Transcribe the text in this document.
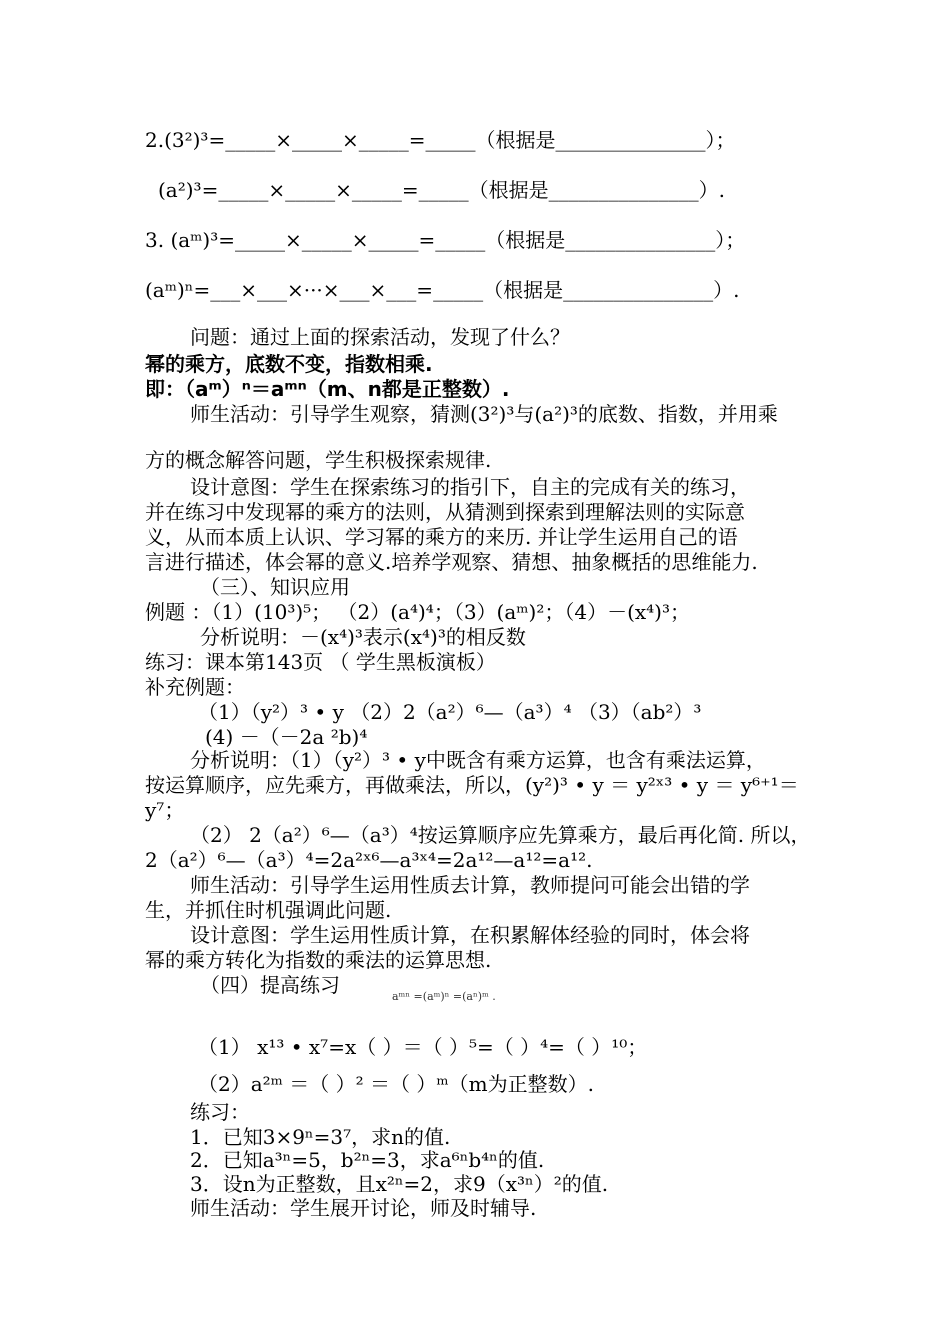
2.(3²)³=_____×_____×_____=_____（根据是_______________）；
(a²)³=_____×_____×_____=_____（根据是_______________）.
3. (aᵐ)³=_____×_____×_____=_____（根据是_______________）；
(aᵐ)ⁿ=___×___×···×___×___=_____（根据是_______________）.
问题：通过上面的探索活动，发现了什么？
幂的乘方，底数不变，指数相乘.
即：（aᵐ）ⁿ＝aᵐⁿ（m、n都是正整数）.
师生活动：引导学生观察，猜测(3²)³与(a²)³的底数、指数，并用乘
方的概念解答问题，学生积极探索规律.
设计意图：学生在探索练习的指引下，自主的完成有关的练习，
并在练习中发现幂的乘方的法则，从猜测到探索到理解法则的实际意
义，从而本质上认识、学习幂的乘方的来历. 并让学生运用自己的语
言进行描述，体会幂的意义.培养学观察、猜想、抽象概括的思维能力.
（三）、知识应用
例题 ：（1）(10³)⁵； （2）(a⁴)⁴；（3）(aᵐ)²；（4）－(x⁴)³；
分析说明：－(x⁴)³表示(x⁴)³的相反数
练习：课本第143页 （ 学生黑板演板）
补充例题：
（1）（y²）³ • y （2）2（a²）⁶—（a³）⁴ （3）（ab²）³
(4) －（－2a ²b)⁴
分析说明：（1）（y²）³ • y中既含有乘方运算，也含有乘法运算，
按运算顺序，应先乘方，再做乘法，所以，(y²)³ • y ＝ y²ˣ³ • y ＝ y⁶⁺¹＝
y⁷；
（2） 2（a²）⁶—（a³）⁴按运算顺序应先算乘方，最后再化简. 所以，
2（a²）⁶—（a³）⁴=2a²ˣ⁶—a³ˣ⁴=2a¹²—a¹²=a¹².
师生活动：引导学生运用性质去计算，教师提问可能会出错的学
生，并抓住时机强调此问题.
设计意图：学生运用性质计算，在积累解体经验的同时，体会将
幂的乘方转化为指数的乘法的运算思想.
（四）提高练习	aᵐⁿ =(aᵐ)ⁿ =(aⁿ)ᵐ .
（1） x¹³ • x⁷=x（ ）＝（ ）⁵=（ ）⁴=（ ）¹⁰；
（2）a²ᵐ ＝（ ）² ＝（ ）ᵐ（m为正整数）.
练习：
1．已知3×9ⁿ=3⁷，求n的值.
2．已知a³ⁿ=5，b²ⁿ=3，求a⁶ⁿb⁴ⁿ的值.
3．设n为正整数，且x²ⁿ=2，求9（x³ⁿ）²的值.
师生活动：学生展开讨论，师及时辅导.
